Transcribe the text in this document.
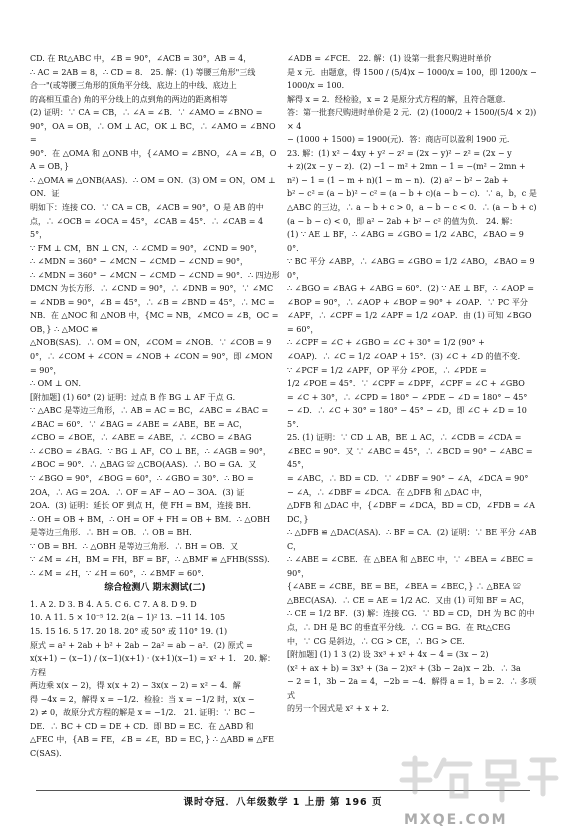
CD. 在 Rt△ABC 中，∠B = 90°，∠ACB = 30°，AB = 4，

∴ AC = 2AB = 8，∴ CD = 8． 25. 解：(1) 等腰三角形"三线

合一"(或等腰三角形的顶角平分线、底边上的中线、底边上

的高相互重合) 角的平分线上的点到角的两边的距离相等

(2) 证明：∵ CA = CB，∴ ∠A = ∠B．∵ ∠AMO = ∠BNO =

90°，OA = OB，∴ OM ⊥ AC，OK ⊥ BC，∴ ∠AMO = ∠BNO =

90°．在 △OMA 和 △ONB 中，{∠AMO = ∠BNO，∠A = ∠B，OA = OB，}

∴ △OMA ≌ △ONB(AAS)．∴ OM = ON．(3) OM = ON，OM ⊥ ON．证

明如下：连接 CO．∵ CA = CB，∠ACB = 90°，O 是 AB 的中

点，∴ ∠OCB = ∠OCA = 45°，∠CAB = 45°．∴ ∠CAB = 45°，

∵ FM ⊥ CM，BN ⊥ CN，∴ ∠CMD = 90°，∠CND = 90°，

∴ ∠MDN = 360° − ∠MCN − ∠CMD − ∠CND = 90°，

∴ ∠MDN = 360° − ∠MCN − ∠CMD − ∠CND = 90°．∴ 四边形

DMCN 为长方形．∴ ∠CND = 90°，∴ ∠DNB = 90°，∵ ∠MC

= ∠NDB = 90°，∠B = 45°，∴ ∠B = ∠BND = 45°，∴ MC =

NB．在 △NOC 和 △NOB 中，{MC = NB，∠MCO = ∠B，OC = OB，} ∴ △MOC ≌

△NOB(SAS)．∴ OM = ON，∠COM = ∠NOB．∵ ∠COB = 90°，∴ ∠COM + ∠CON = ∠NOB + ∠CON = 90°，即 ∠MON = 90°，

∴ OM ⊥ ON．

[附加题] (1) 60° (2) 证明：过点 B 作 BG ⊥ AF 于点 G．

∵ △ABC 是等边三角形，∴ AB = AC = BC，∠ABC = ∠BAC =

∠BAC = 60°．∵ ∠BAG = ∠ABE = ∠ABE，BE = AC，

∠CBO = ∠BOE，∴ ∠ABE = ∠ABE，∴ ∠CBO = ∠BAG

∴ ∠CBO = ∠BAG．∵ BG ⊥ AF，CO ⊥ BE，∴ ∠AGB = 90°，

∠BOC = 90°．∴ △BAG ≌ △CBO(AAS)．∴ BO = GA．又

∵ ∠BGO = 90°，∠BOG = 60°，∴ ∠GBO = 30°．∴ BO =

2OA，∴ AG = 2OA．∴ OF = AF − AO − 3OA．(3) 证

2OA．(3) 证明：延长 OF 到点 H，使 FH = BM，连接 BH．

∴ OH = OB + BM，∴ OH = OF + FH = OB + BM．∴ △OBH 是等边三角形．∴ BH = OB．∴ OB = BH．

∵ OB = BH．∴ △OBH 是等边三角形．∴ BH = OB．又

∵ ∠M = ∠H，BM = FH，BF = BF，∴ △BMF ≌ △FHB(SSS)．

∴ ∠M = ∠H，∵ ∠H = 60°，∴ ∠BMF = 60°．

综合检测八 期末测试(二)

1. A 2. D 3. B 4. A 5. C 6. C 7. A 8. D 9. D

10. A 11. 5 × 10⁻⁵ 12. 2(a − 1)² 13. −11 14. 105

15. 15 16. 5 17. 20 18. 20° 或 50° 或 110° 19. (1)

原式 = a² + 2ab + b² + 2ab − 2a² = ab − a²．(2) 原式 =

x(x+1) − (x−1) / (x−1)(x+1) · (x+1)(x−1) = x² + 1． 20. 解：方程

两边乘 x(x − 2)，得 x(x + 2) − 3x(x − 2) = x² − 4．解

得 −4x = 2，解得 x = −1/2．检验：当 x = −1/2 时，x(x −

2) ≠ 0，故原分式方程的解是 x = −1/2． 21. 证明：∵ BC −

DE．∴ BC + CD = DE + CD．即 BD = EC．在 △ABD 和

△FEC 中，{AB = FE，∠B = ∠E，BD = EC，} ∴ △ABD ≌ △FEC(SAS)．

∠ADB = ∠FCE． 22. 解：(1) 设第一批套尺购进时单价

是 x 元．由题意，得 1500 / (5/4)x − 1000/x = 100，即 1200/x − 1000/x = 100．

解得 x = 2．经检验，x = 2 是原分式方程的解，且符合题意．

答：第一批套尺购进时单价是 2 元．(2) (1000/2 + 1500/(5/4 × 2)) × 4

− (1000 + 1500) = 1900(元)．答：商店可以盈利 1900 元．

23. 解：(1) x² − 4xy + y² − z² = (2x − y)² − z² = (2x − y

+ z)(2x − y − z)．(2) −1 − m² + 2mn − 1 = −(m² − 2mn +

n²) − 1 = (1 − m + n)(1 − m − n)．(2) a² − b² − 2ab +

b² − c² = (a − b)² − c² = (a − b + c)(a − b − c)．∵ a，b，c 是

△ABC 的三边，∴ a − b + c > 0，a − b − c < 0．∴ (a − b + c)

(a − b − c) < 0，即 a² − 2ab + b² − c² 的值为负． 24. 解：

(1) ∵ AE ⊥ BF，∴ ∠ABG = ∠GBO = 1/2 ∠ABC，∠BAO = 90°．

∵ BC 平分 ∠ABP，∴ ∠ABG = ∠GBO = 1/2 ∠ABO，∠BAO = 90°，

∴ ∠BGO = ∠BAG + ∠ABG = 60°．(2) ∵ AE ⊥ BF，∴ ∠AOP =

∠BOP = 90°，∴ ∠AOP + ∠BOP = 90° + ∠OAP．∵ PC 平分

∠APF，∴ ∠CPF = 1/2 ∠APF = 1/2 ∠OAP．由 (1) 可知 ∠BGO = 60°，

∴ ∠CPF = ∠C + ∠GBO = ∠C + 30° = 1/2 (90° +

∠OAP)．∴ ∠C = 1/2 ∠OAP + 15°．(3) ∠C + ∠D 的值不变．

∵ ∠PCF = 1/2 ∠APF，OP 平分 ∠POE，∴ ∠PDE =

1/2 ∠POE = 45°．∵ ∠CPF = ∠DPF，∠CPF = ∠C + ∠GBO

= ∠C + 30°，∴ ∠CPD = 180° − ∠PDE − ∠D = 180° − 45°

− ∠D．∴ ∠C + 30° = 180° − 45° − ∠D，即 ∠C + ∠D = 105°．

25. (1) 证明：∵ CD ⊥ AB，BE ⊥ AC，∴ ∠CDB = ∠CDA =

∠BEC = 90°．又 ∵ ∠ABC = 45°，∴ ∠BCD = 90° − ∠ABC = 45°，

= ∠ABC，∴ BD = CD．∵ ∠DBF = 90° − ∠A，∠DCA = 90°

− ∠A，∴ ∠DBF = ∠DCA．在 △DFB 和 △DAC 中，

△DFB 和 △DAC 中，{∠DBF = ∠DCA，BD = CD，∠FDB = ∠ADC，}

∴ △DFB ≌ △DAC(ASA)．∴ BF = CA．(2) 证明：∵ BE 平分 ∠ABC，

∴ ∠ABE = ∠CBE．在 △BEA 和 △BEC 中，∵ ∠BEA = ∠BEC = 90°，

{∠ABE = ∠CBE，BE = BE，∠BEA = ∠BEC，} ∴ △BEA ≌

△BEC(ASA)．∴ CE = AE = 1/2 AC．又由 (1) 可知 BF = AC，

∴ CE = 1/2 BF．(3) 解：连接 CG．∵ BD = CD，DH 为 BC 的中

点，∴ DH 是 BC 的垂直平分线．∴ CG = BG．在 Rt△CEG

中，∵ CG 是斜边，∴ CG > CE，∴ BG > CE．

[附加题] (1) 1 3 (2) 设 3x³ + x² + 4x − 4 = (3x − 2)

(x² + ax + b) = 3x³ + (3a − 2)x² + (3b − 2a)x − 2b．∴ 3a

− 2 = 1，3b − 2a = 4，−2b = −4．解得 a = 1，b = 2．∴ 多项式

的另一个因式是 x² + x + 2．

课时夺冠．八年级数学 1 上册 第 196 页
MXQE.COM
